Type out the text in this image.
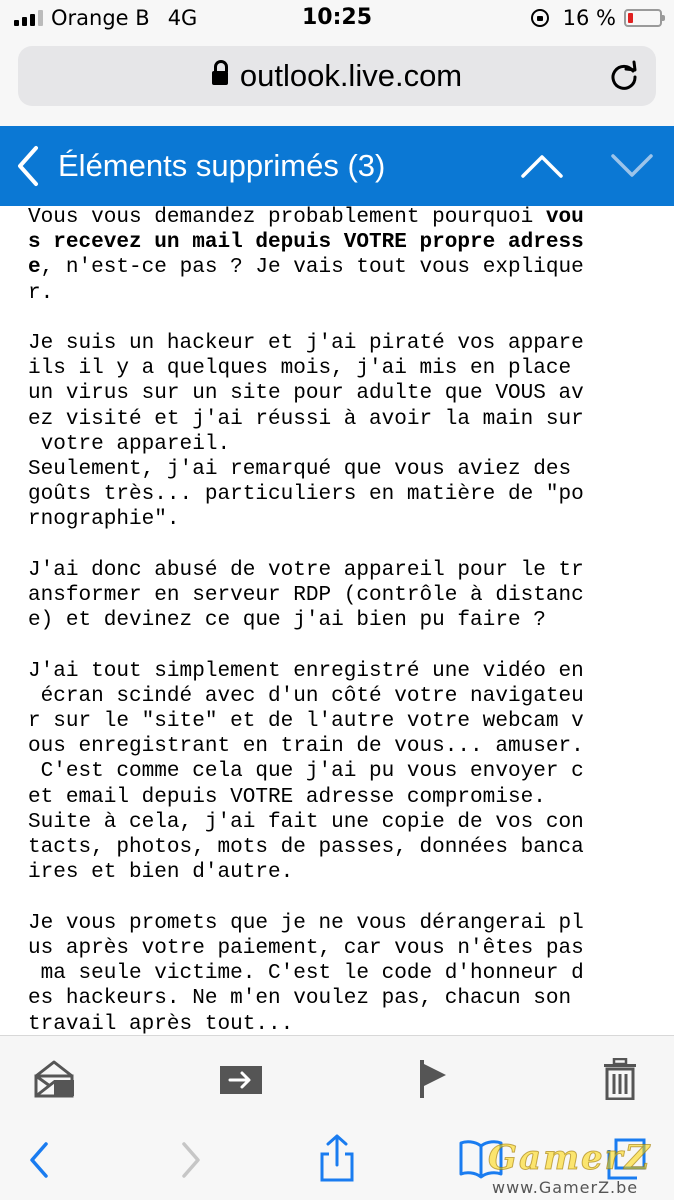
Orange B 4G	10:25	16 %
outlook.live.com
Éléments supprimés (3)
Vous vous demandez probablement pourquoi vou
s recevez un mail depuis VOTRE propre adress
e, n'est-ce pas ? Je vais tout vous explique
r.

Je suis un hackeur et j'ai piraté vos appare
ils il y a quelques mois, j'ai mis en place
un virus sur un site pour adulte que VOUS av
ez visité et j'ai réussi à avoir la main sur
votre appareil.
Seulement, j'ai remarqué que vous aviez des
goûts très... particuliers en matière de "po
rnographie".

J'ai donc abusé de votre appareil pour le tr
ansformer en serveur RDP (contrôle à distanc
e) et devinez ce que j'ai bien pu faire ?

J'ai tout simplement enregistré une vidéo en
écran scindé avec d'un côté votre navigateu
r sur le "site" et de l'autre votre webcam v
ous enregistrant en train de vous... amuser.
C'est comme cela que j'ai pu vous envoyer c
et email depuis VOTRE adresse compromise.
Suite à cela, j'ai fait une copie de vos con
tacts, photos, mots de passes, données banca
ires et bien d'autre.

Je vous promets que je ne vous dérangerai pl
us après votre paiement, car vous n'êtes pas
ma seule victime. C'est le code d'honneur d
es hackeurs. Ne m'en voulez pas, chacun son
travail après tout...
GamerZ
www.GamerZ.be
